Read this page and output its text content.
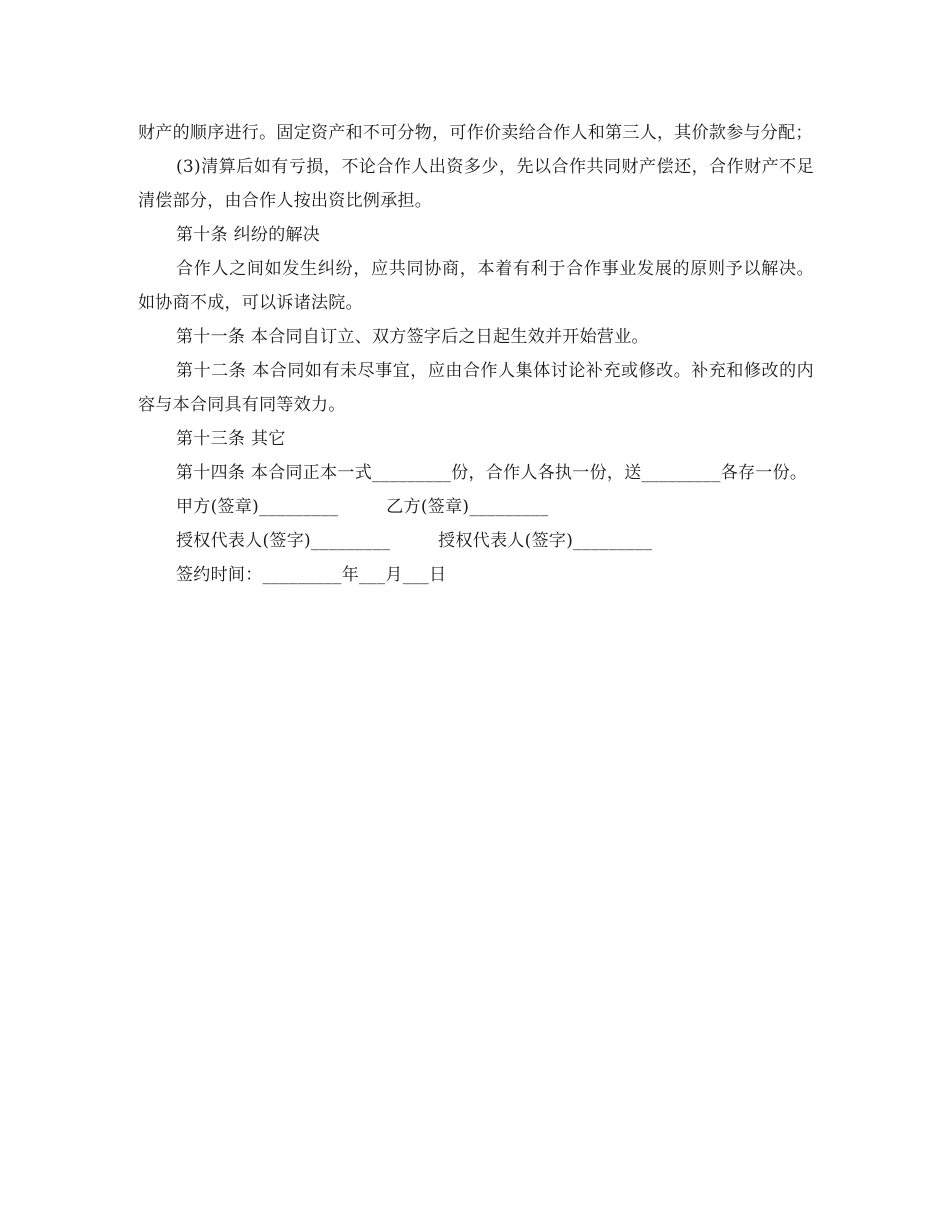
财产的顺序进行。固定资产和不可分物，可作价卖给合作人和第三人，其价款参与分配；

(3)清算后如有亏损，不论合作人出资多少，先以合作共同财产偿还，合作财产不足清偿部分，由合作人按出资比例承担。

第十条 纠纷的解决

合作人之间如发生纠纷，应共同协商，本着有利于合作事业发展的原则予以解决。如协商不成，可以诉诸法院。

第十一条 本合同自订立、双方签字后之日起生效并开始营业。

第十二条 本合同如有未尽事宜，应由合作人集体讨论补充或修改。补充和修改的内容与本合同具有同等效力。

第十三条 其它

第十四条 本合同正本一式_________份，合作人各执一份，送_________各存一份。

甲方(签章)_________	乙方(签章)_________
授权代表人(签字)_________	授权代表人(签字)_________
签约时间：_________年___月___日
